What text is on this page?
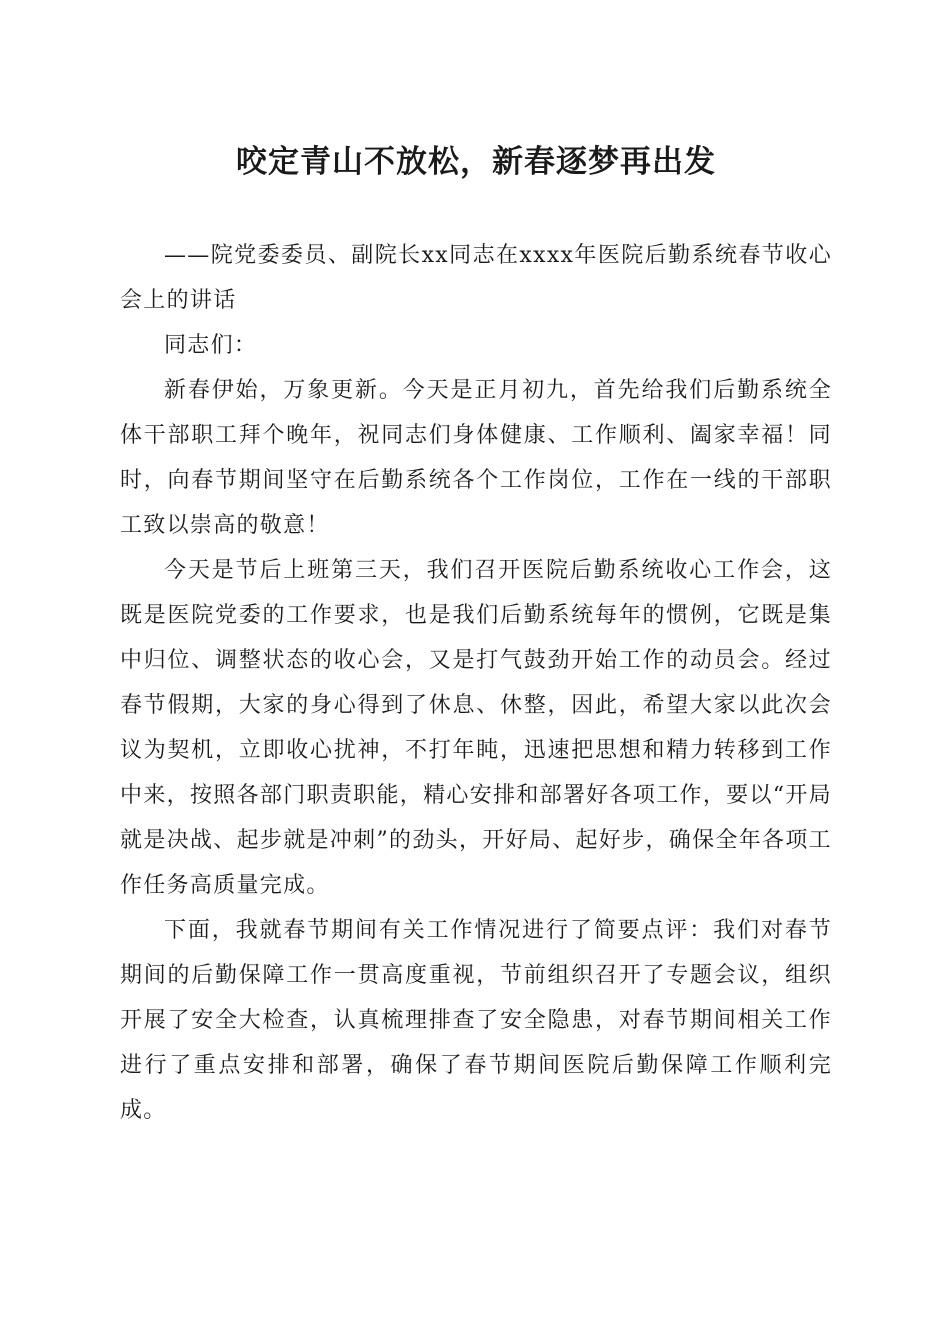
咬定青山不放松，新春逐梦再出发

——院党委委员、副院长xx同志在xxxx年医院后勤系统春节收心会上的讲话

同志们：

新春伊始，万象更新。今天是正月初九，首先给我们后勤系统全体干部职工拜个晚年，祝同志们身体健康、工作顺利、阖家幸福！同时，向春节期间坚守在后勤系统各个工作岗位，工作在一线的干部职工致以崇高的敬意！

今天是节后上班第三天，我们召开医院后勤系统收心工作会，这既是医院党委的工作要求，也是我们后勤系统每年的惯例，它既是集中归位、调整状态的收心会，又是打气鼓劲开始工作的动员会。经过春节假期，大家的身心得到了休息、休整，因此，希望大家以此次会议为契机，立即收心扰神，不打年盹，迅速把思想和精力转移到工作中来，按照各部门职责职能，精心安排和部署好各项工作，要以“开局就是决战、起步就是冲刺”的劲头，开好局、起好步，确保全年各项工作任务高质量完成。

下面，我就春节期间有关工作情况进行了简要点评：我们对春节期间的后勤保障工作一贯高度重视，节前组织召开了专题会议，组织开展了安全大检查，认真梳理排查了安全隐患，对春节期间相关工作进行了重点安排和部署，确保了春节期间医院后勤保障工作顺利完成。
